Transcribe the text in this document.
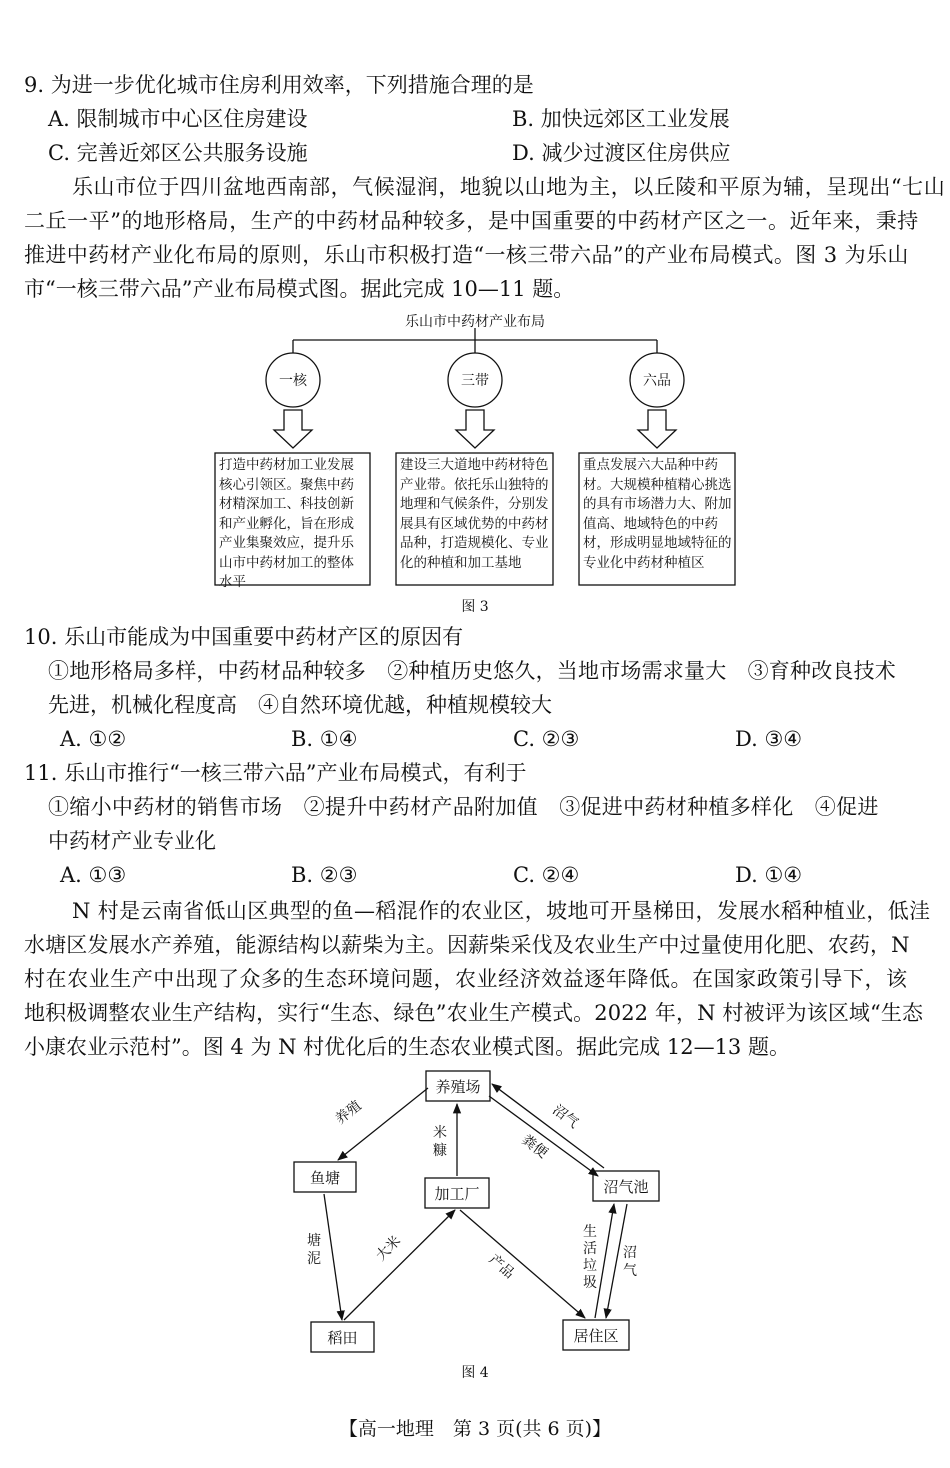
9. 为进一步优化城市住房利用效率，下列措施合理的是
A. 限制城市中心区住房建设	B. 加快远郊区工业发展
C. 完善近郊区公共服务设施	D. 减少过渡区住房供应
乐山市位于四川盆地西南部，气候湿润，地貌以山地为主，以丘陵和平原为辅，呈现出“七山
二丘一平”的地形格局，生产的中药材品种较多，是中国重要的中药材产区之一。近年来，秉持
推进中药材产业化布局的原则，乐山市积极打造“一核三带六品”的产业布局模式。图 3 为乐山
市“一核三带六品”产业布局模式图。据此完成 10—11 题。
乐山市中药材产业布局
一核	三带	六品
打造中药材加工业发展核心引领区。聚焦中药材精深加工、科技创新和产业孵化，旨在形成产业集聚效应，提升乐山市中药材加工的整体水平
建设三大道地中药材特色产业带。依托乐山独特的地理和气候条件，分别发展具有区域优势的中药材品种，打造规模化、专业化的种植和加工基地
重点发展六大品种中药材。大规模种植精心挑选的具有市场潜力大、附加值高、地域特色的中药材，形成明显地域特征的专业化中药材种植区
图 3
10. 乐山市能成为中国重要中药材产区的原因有
①地形格局多样，中药材品种较多　②种植历史悠久，当地市场需求量大　③育种改良技术
先进，机械化程度高　④自然环境优越，种植规模较大
A. ①②	B. ①④	C. ②③	D. ③④
11. 乐山市推行“一核三带六品”产业布局模式，有利于
①缩小中药材的销售市场　②提升中药材产品附加值　③促进中药材种植多样化　④促进
中药材产业专业化
A. ①③	B. ②③	C. ②④	D. ①④
N 村是云南省低山区典型的鱼—稻混作的农业区，坡地可开垦梯田，发展水稻种植业，低洼
水塘区发展水产养殖，能源结构以薪柴为主。因薪柴采伐及农业生产中过量使用化肥、农药，N
村在农业生产中出现了众多的生态环境问题，农业经济效益逐年降低。在国家政策引导下，该
地积极调整农业生产结构，实行“生态、绿色”农业生产模式。2022 年，N 村被评为该区域“生态
小康农业示范村”。图 4 为 N 村优化后的生态农业模式图。据此完成 12—13 题。
养殖场
鱼塘
加工厂	沼气池
稻田	居住区
养殖
米糠
沼气
粪便
塘泥	大米
产品
生活垃圾
沼气
图 4
【高一地理　第 3 页(共 6 页)】
